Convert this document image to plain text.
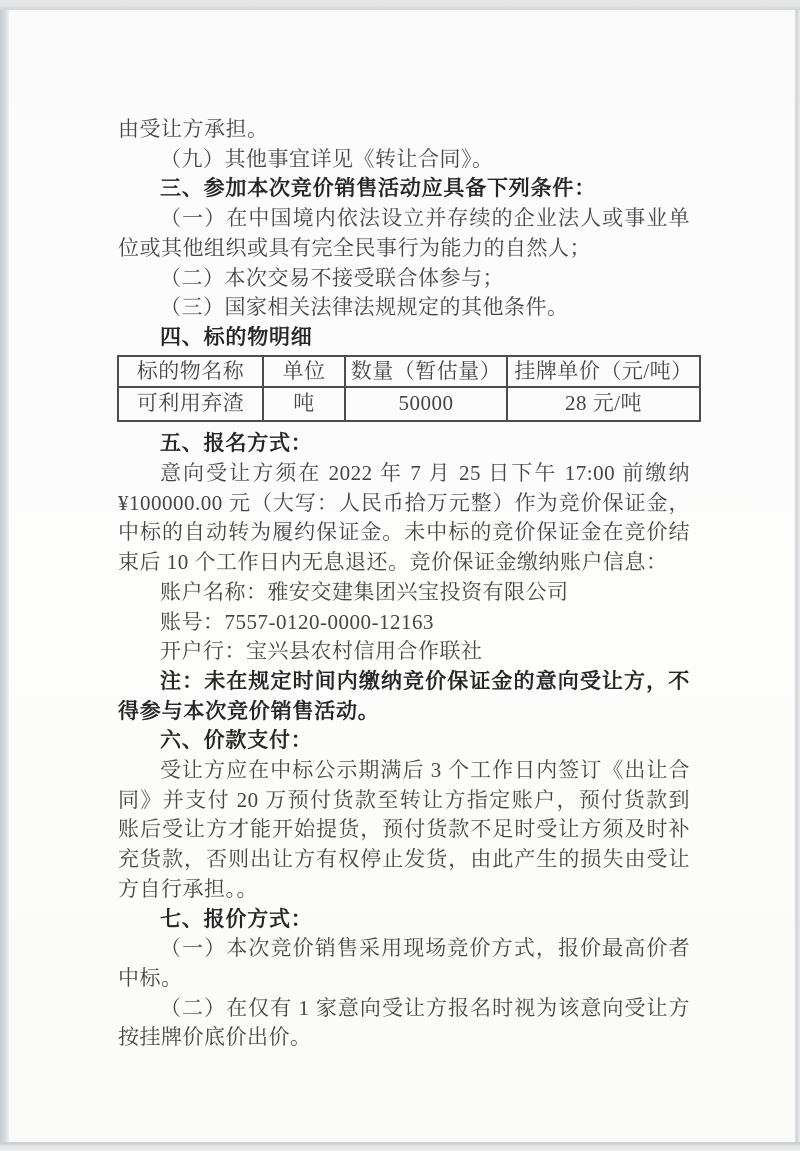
由受让方承担。
（九）其他事宜详见《转让合同》。
三、参加本次竞价销售活动应具备下列条件：
（一）在中国境内依法设立并存续的企业法人或事业单
位或其他组织或具有完全民事行为能力的自然人；
（二）本次交易不接受联合体参与；
（三）国家相关法律法规规定的其他条件。
四、标的物明细
标的物名称	单位	数量（暂估量）	挂牌单价（元/吨）
可利用弃渣	吨	50000	28 元/吨
五、报名方式：
意向受让方须在 2022 年 7 月 25 日下午 17:00 前缴纳
¥100000.00 元（大写：人民币拾万元整）作为竞价保证金，
中标的自动转为履约保证金。未中标的竞价保证金在竞价结
束后 10 个工作日内无息退还。竞价保证金缴纳账户信息：
账户名称：雅安交建集团兴宝投资有限公司
账号：7557-0120-0000-12163
开户行：宝兴县农村信用合作联社
注：未在规定时间内缴纳竞价保证金的意向受让方，不
得参与本次竞价销售活动。
六、价款支付：
受让方应在中标公示期满后 3 个工作日内签订《出让合
同》并支付 20 万预付货款至转让方指定账户，预付货款到
账后受让方才能开始提货，预付货款不足时受让方须及时补
充货款，否则出让方有权停止发货，由此产生的损失由受让
方自行承担。。
七、报价方式：
（一）本次竞价销售采用现场竞价方式，报价最高价者
中标。
（二）在仅有 1 家意向受让方报名时视为该意向受让方
按挂牌价底价出价。
